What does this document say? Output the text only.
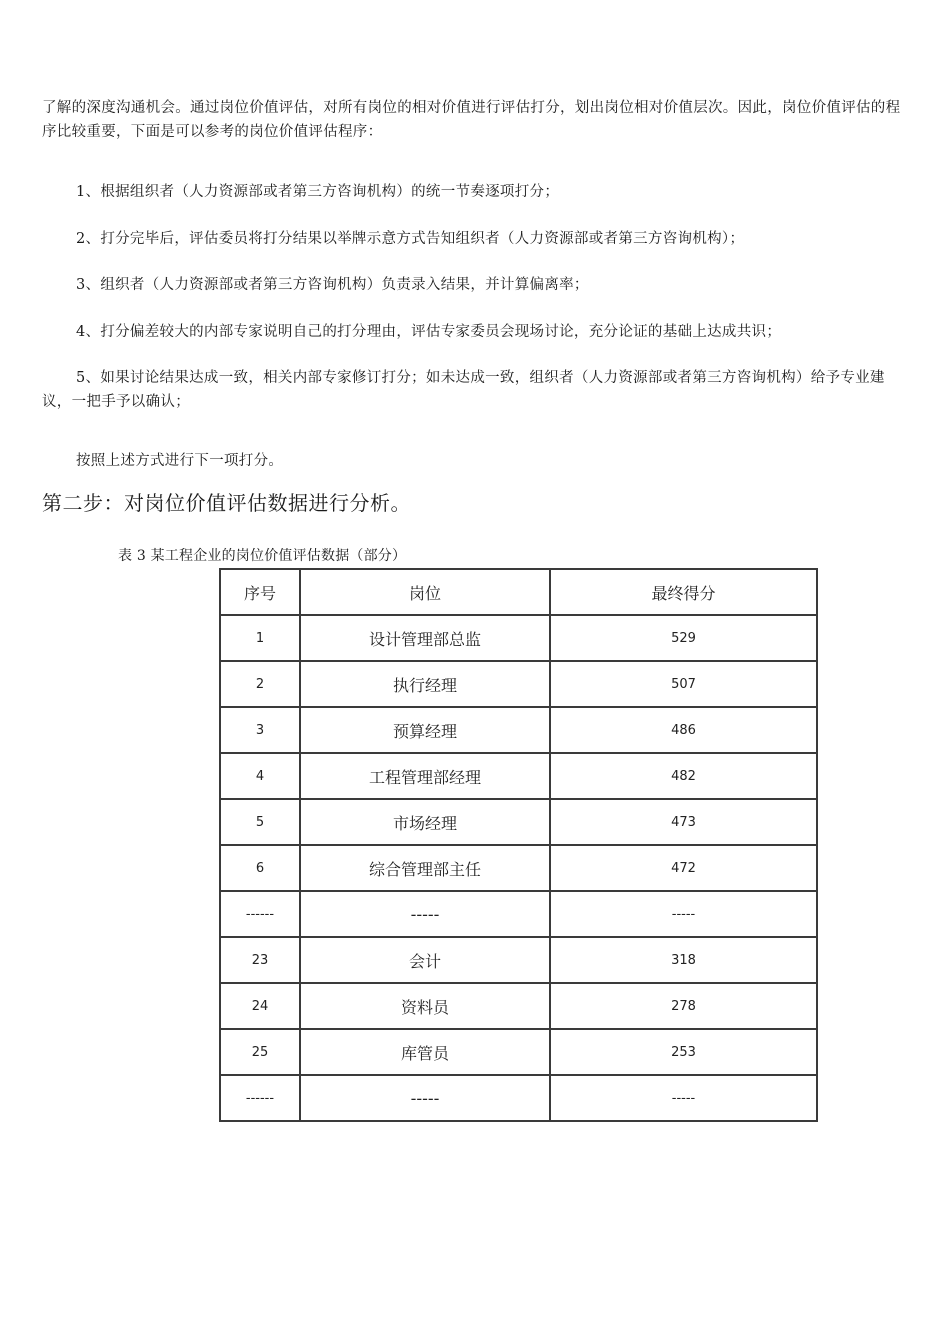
了解的深度沟通机会。通过岗位价值评估，对所有岗位的相对价值进行评估打分，划出岗位相对价值层次。因此，岗位价值评估的程序比较重要，下面是可以参考的岗位价值评估程序：
1、根据组织者（人力资源部或者第三方咨询机构）的统一节奏逐项打分；
2、打分完毕后，评估委员将打分结果以举牌示意方式告知组织者（人力资源部或者第三方咨询机构）；
3、组织者（人力资源部或者第三方咨询机构）负责录入结果，并计算偏离率；
4、打分偏差较大的内部专家说明自己的打分理由，评估专家委员会现场讨论，充分论证的基础上达成共识；
5、如果讨论结果达成一致，相关内部专家修订打分；如未达成一致，组织者（人力资源部或者第三方咨询机构）给予专业建议，一把手予以确认；
按照上述方式进行下一项打分。
第二步：对岗位价值评估数据进行分析。
表 3 某工程企业的岗位价值评估数据（部分）
序号	岗位	最终得分
1	设计管理部总监	529
2	执行经理	507
3	预算经理	486
4	工程管理部经理	482
5	市场经理	473
6	综合管理部主任	472
------	-----	-----
23	会计	318
24	资料员	278
25	库管员	253
------	-----	-----
